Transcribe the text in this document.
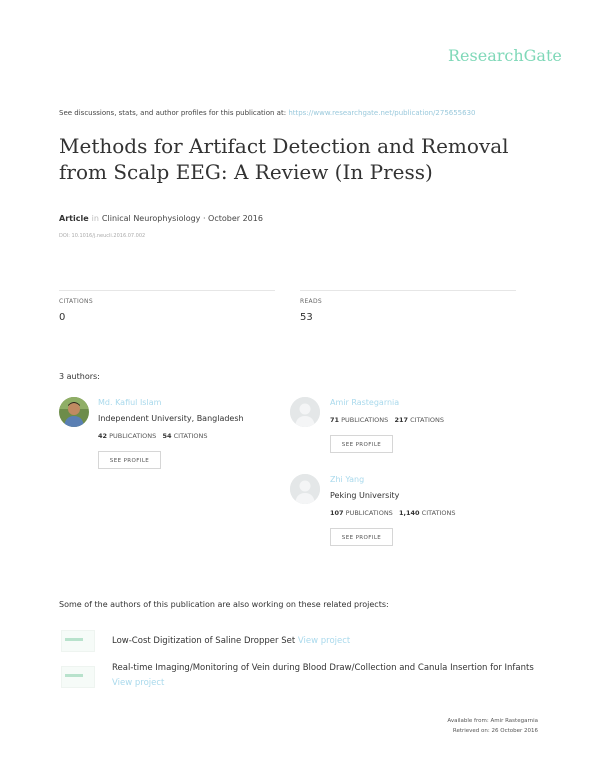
ResearchGate
See discussions, stats, and author profiles for this publication at: https://www.researchgate.net/publication/275655630
Methods for Artifact Detection and Removal from Scalp EEG: A Review (In Press)
Article in Clinical Neurophysiology · October 2016
DOI: 10.1016/j.neucli.2016.07.002
CITATIONS
0
READS
53
3 authors:
Md. Kafiul Islam
Independent University, Bangladesh
42 PUBLICATIONS 54 CITATIONS
SEE PROFILE
Amir Rastegarnia
71 PUBLICATIONS 217 CITATIONS
SEE PROFILE
Zhi Yang
Peking University
107 PUBLICATIONS 1,140 CITATIONS
SEE PROFILE
Some of the authors of this publication are also working on these related projects:
Low-Cost Digitization of Saline Dropper Set View project
Real-time Imaging/Monitoring of Vein during Blood Draw/Collection and Canula Insertion for Infants View project
Available from: Amir Rastegarnia
Retrieved on: 26 October 2016
